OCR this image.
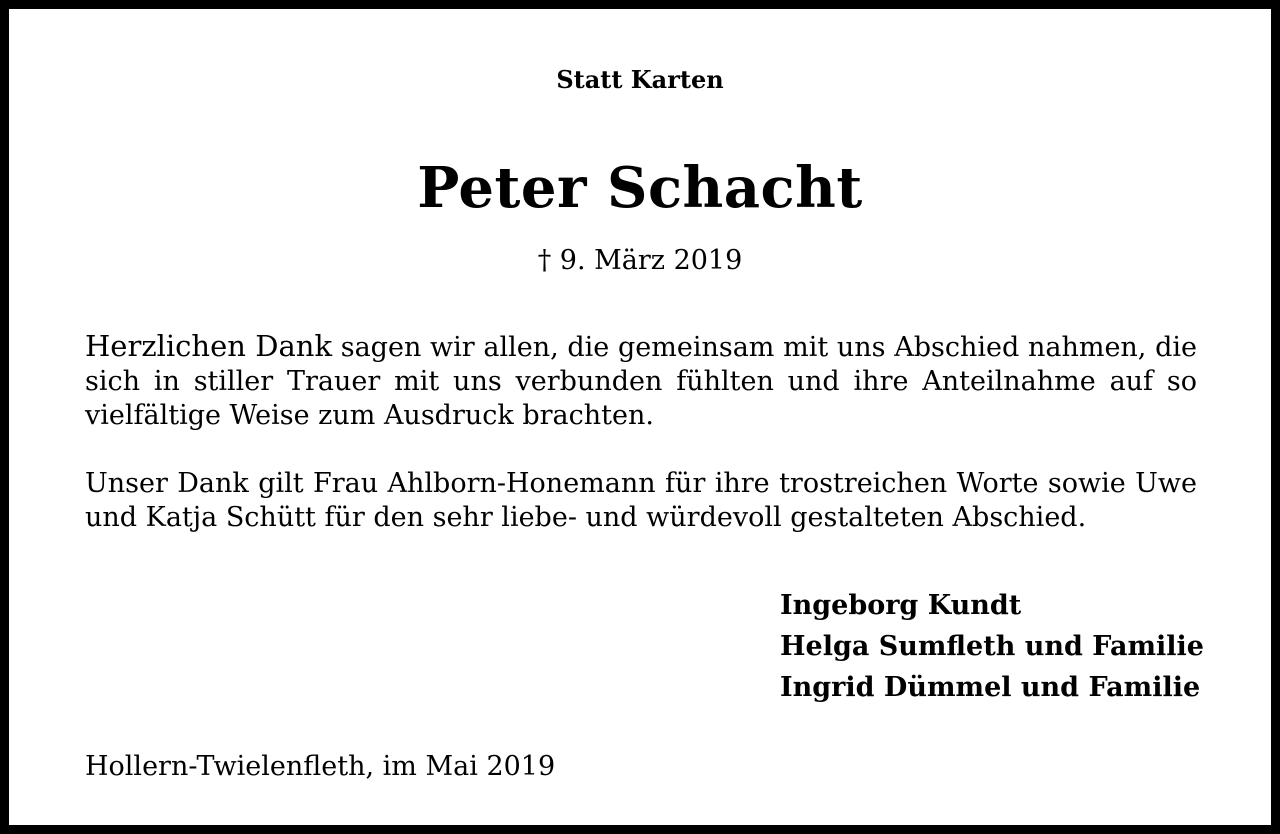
Statt Karten
Peter Schacht
† 9. März 2019
Herzlichen Dank sagen wir allen, die gemeinsam mit uns Abschied nahmen, die sich in stiller Trauer mit uns verbunden fühlten und ihre Anteilnahme auf so vielfältige Weise zum Ausdruck brachten.
Unser Dank gilt Frau Ahlborn-Honemann für ihre trostreichen Worte sowie Uwe und Katja Schütt für den sehr liebe- und würdevoll gestalteten Abschied.
Ingeborg Kundt
Helga Sumfleth und Familie
Ingrid Dümmel und Familie
Hollern-Twielenfleth, im Mai 2019
